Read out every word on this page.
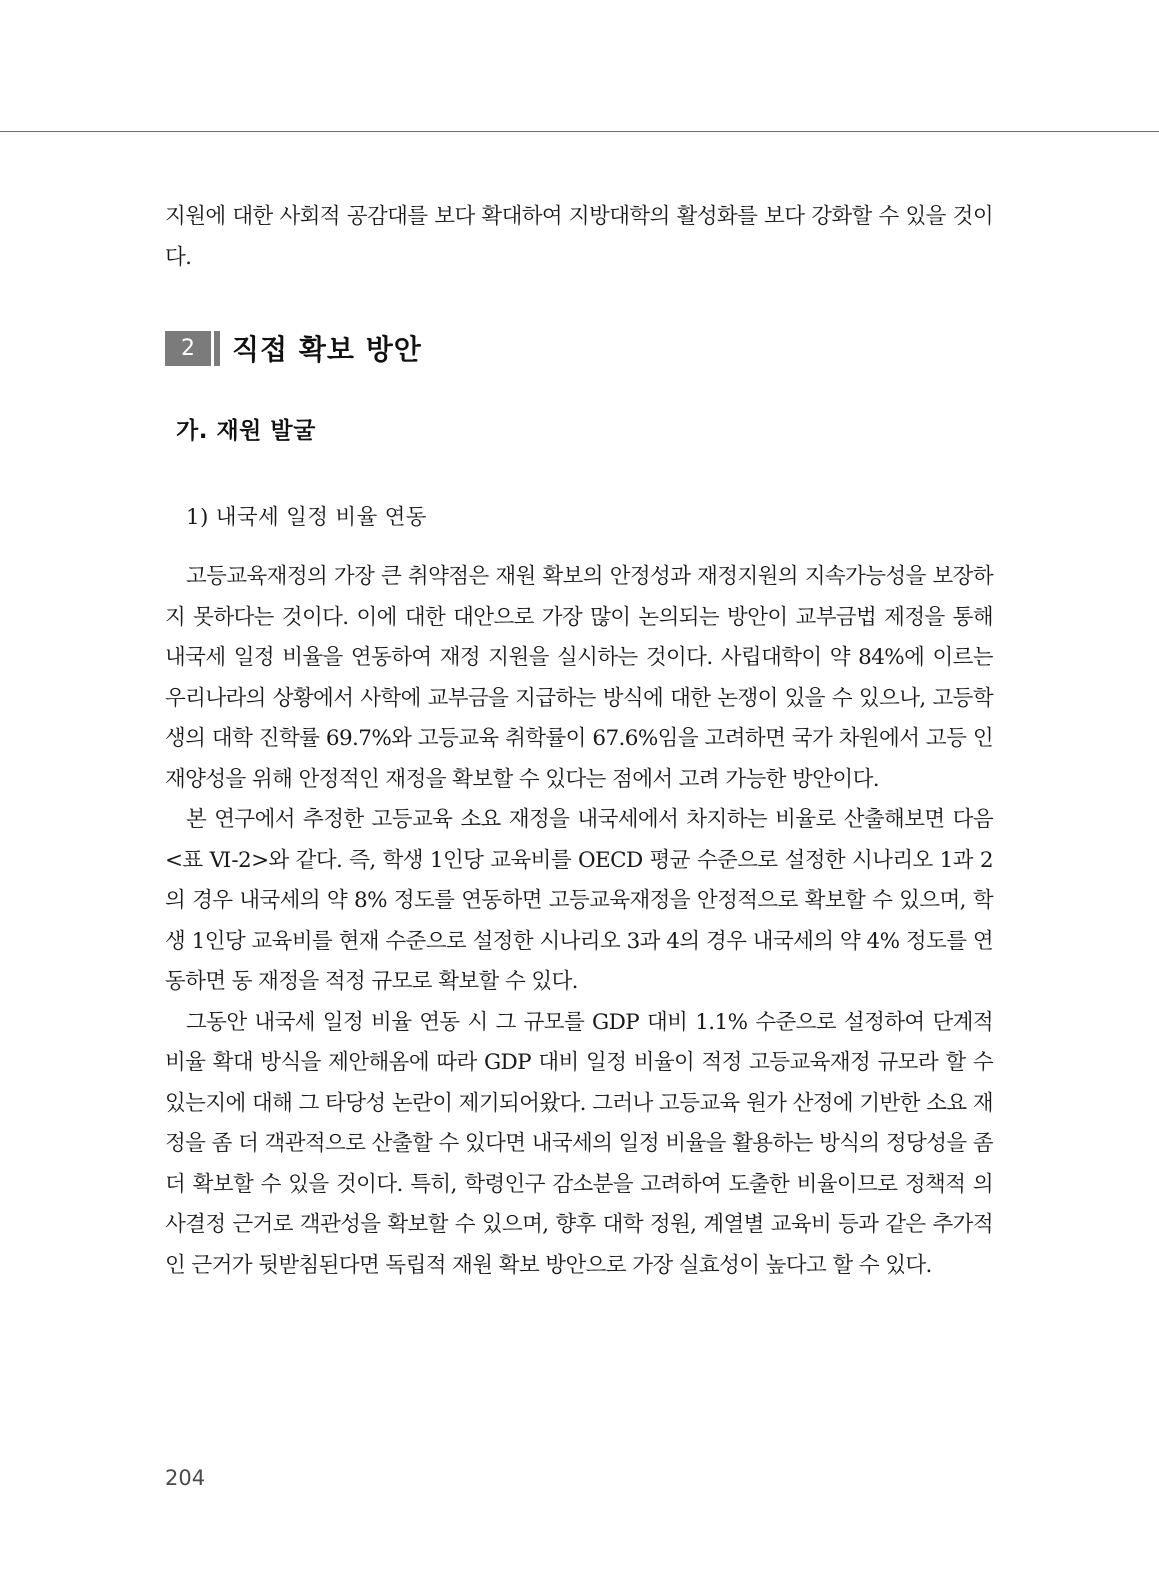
지원에 대한 사회적 공감대를 보다 확대하여 지방대학의 활성화를 보다 강화할 수 있을 것이다.

2	직접 확보 방안
가. 재원 발굴
1) 내국세 일정 비율 연동

고등교육재정의 가장 큰 취약점은 재원 확보의 안정성과 재정지원의 지속가능성을 보장하지 못하다는 것이다. 이에 대한 대안으로 가장 많이 논의되는 방안이 교부금법 제정을 통해 내국세 일정 비율을 연동하여 재정 지원을 실시하는 것이다. 사립대학이 약 84%에 이르는 우리나라의 상황에서 사학에 교부금을 지급하는 방식에 대한 논쟁이 있을 수 있으나, 고등학생의 대학 진학률 69.7%와 고등교육 취학률이 67.6%임을 고려하면 국가 차원에서 고등 인재양성을 위해 안정적인 재정을 확보할 수 있다는 점에서 고려 가능한 방안이다.

본 연구에서 추정한 고등교육 소요 재정을 내국세에서 차지하는 비율로 산출해보면 다음 <표 Ⅵ-2>와 같다. 즉, 학생 1인당 교육비를 OECD 평균 수준으로 설정한 시나리오 1과 2의 경우 내국세의 약 8% 정도를 연동하면 고등교육재정을 안정적으로 확보할 수 있으며, 학생 1인당 교육비를 현재 수준으로 설정한 시나리오 3과 4의 경우 내국세의 약 4% 정도를 연동하면 동 재정을 적정 규모로 확보할 수 있다.

그동안 내국세 일정 비율 연동 시 그 규모를 GDP 대비 1.1% 수준으로 설정하여 단계적 비율 확대 방식을 제안해옴에 따라 GDP 대비 일정 비율이 적정 고등교육재정 규모라 할 수 있는지에 대해 그 타당성 논란이 제기되어왔다. 그러나 고등교육 원가 산정에 기반한 소요 재정을 좀 더 객관적으로 산출할 수 있다면 내국세의 일정 비율을 활용하는 방식의 정당성을 좀 더 확보할 수 있을 것이다. 특히, 학령인구 감소분을 고려하여 도출한 비율이므로 정책적 의사결정 근거로 객관성을 확보할 수 있으며, 향후 대학 정원, 계열별 교육비 등과 같은 추가적인 근거가 뒷받침된다면 독립적 재원 확보 방안으로 가장 실효성이 높다고 할 수 있다.

204
